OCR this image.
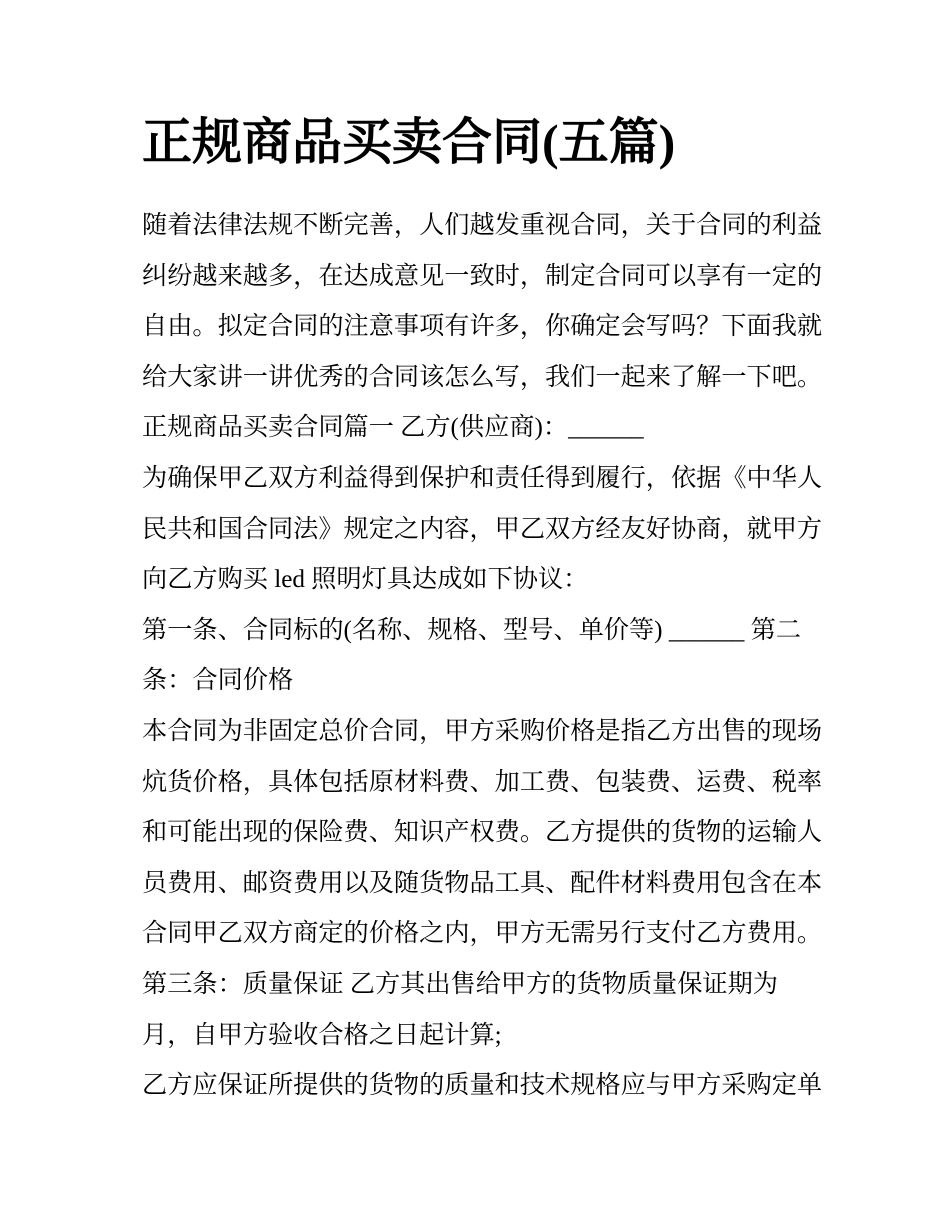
正规商品买卖合同(五篇)
随着法律法规不断完善，人们越发重视合同，关于合同的利益
纠纷越来越多，在达成意见一致时，制定合同可以享有一定的
自由。拟定合同的注意事项有许多，你确定会写吗？下面我就
给大家讲一讲优秀的合同该怎么写，我们一起来了解一下吧。
正规商品买卖合同篇一 乙方(供应商)：______
为确保甲乙双方利益得到保护和责任得到履行，依据《中华人
民共和国合同法》规定之内容，甲乙双方经友好协商，就甲方
向乙方购买 led 照明灯具达成如下协议：
第一条、合同标的(名称、规格、型号、单价等) ______ 第二
条：合同价格
本合同为非固定总价合同，甲方采购价格是指乙方出售的现场
炕货价格，具体包括原材料费、加工费、包装费、运费、税率
和可能出现的保险费、知识产权费。乙方提供的货物的运输人
员费用、邮资费用以及随货物品工具、配件材料费用包含在本
合同甲乙双方商定的价格之内，甲方无需另行支付乙方费用。
第三条：质量保证 乙方其出售给甲方的货物质量保证期为
月，自甲方验收合格之日起计算;
乙方应保证所提供的货物的质量和技术规格应与甲方采购定单
